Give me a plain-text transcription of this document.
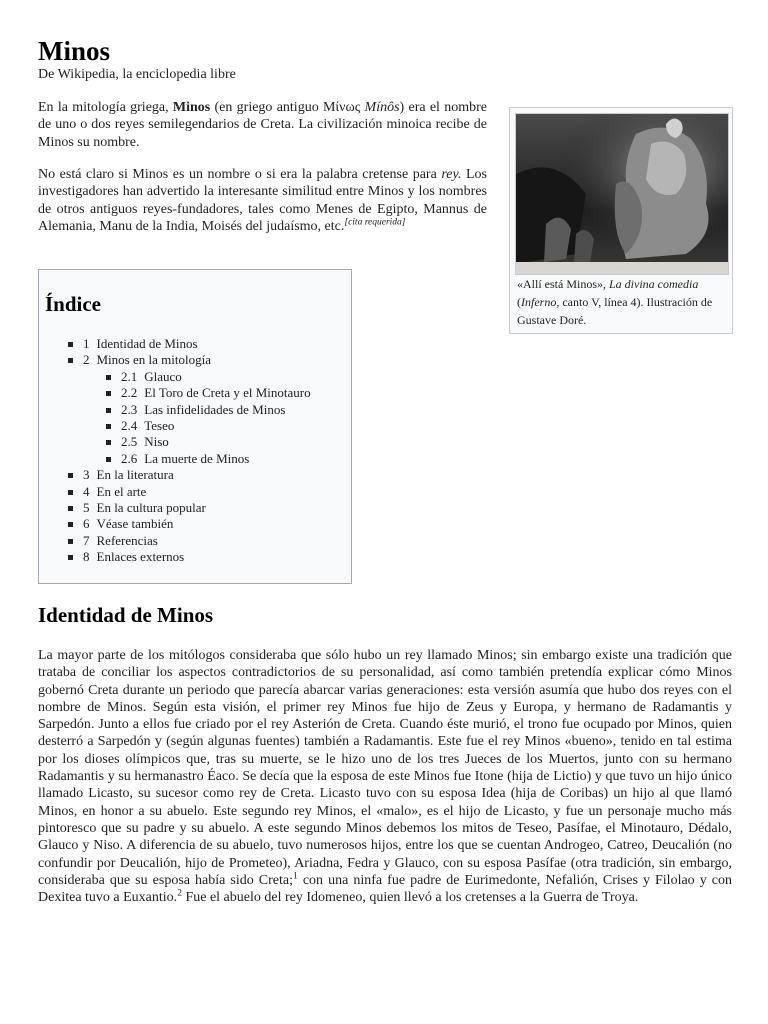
Minos
De Wikipedia, la enciclopedia libre

En la mitología griega, Minos (en griego antiguo Μίνως Mínôs) era el nombre de uno o dos reyes semilegendarios de Creta. La civilización minoica recibe de Minos su nombre.

No está claro si Minos es un nombre o si era la palabra cretense para rey. Los investigadores han advertido la interesante similitud entre Minos y los nombres de otros antiguos reyes-fundadores, tales como Menes de Egipto, Mannus de Alemania, Manu de la India, Moisés del judaísmo, etc.[cita requerida]

· · ·
«Allí está Minos», La divina comedia (Inferno, canto V, línea 4). Ilustración de Gustave Doré.
Índice
1 Identidad de Minos
2 Minos en la mitología
2.1 Glauco
2.2 El Toro de Creta y el Minotauro
2.3 Las infidelidades de Minos
2.4 Teseo
2.5 Niso
2.6 La muerte de Minos
3 En la literatura
4 En el arte
5 En la cultura popular
6 Véase también
7 Referencias
8 Enlaces externos
Identidad de Minos

La mayor parte de los mitólogos consideraba que sólo hubo un rey llamado Minos; sin embargo existe una tradición que trataba de conciliar los aspectos contradictorios de su personalidad, así como también pretendía explicar cómo Minos gobernó Creta durante un periodo que parecía abarcar varias generaciones: esta versión asumía que hubo dos reyes con el nombre de Minos. Según esta visión, el primer rey Minos fue hijo de Zeus y Europa, y hermano de Radamantis y Sarpedón. Junto a ellos fue criado por el rey Asterión de Creta. Cuando éste murió, el trono fue ocupado por Minos, quien desterró a Sarpedón y (según algunas fuentes) también a Radamantis. Este fue el rey Minos «bueno», tenido en tal estima por los dioses olímpicos que, tras su muerte, se le hizo uno de los tres Jueces de los Muertos, junto con su hermano Radamantis y su hermanastro Éaco. Se decía que la esposa de este Minos fue Itone (hija de Lictio) y que tuvo un hijo único llamado Licasto, su sucesor como rey de Creta. Licasto tuvo con su esposa Idea (hija de Coribas) un hijo al que llamó Minos, en honor a su abuelo. Este segundo rey Minos, el «malo», es el hijo de Licasto, y fue un personaje mucho más pintoresco que su padre y su abuelo. A este segundo Minos debemos los mitos de Teseo, Pasífae, el Minotauro, Dédalo, Glauco y Niso. A diferencia de su abuelo, tuvo numerosos hijos, entre los que se cuentan Androgeo, Catreo, Deucalión (no confundir por Deucalión, hijo de Prometeo), Ariadna, Fedra y Glauco, con su esposa Pasífae (otra tradición, sin embargo, consideraba que su esposa había sido Creta;$^1$ con una ninfa fue padre de Eurimedonte, Nefalión, Crises y Filolao y con Dexitea tuvo a Euxantio.$^2$ Fue el abuelo del rey Idomeneo, quien llevó a los cretenses a la Guerra de Troya.
